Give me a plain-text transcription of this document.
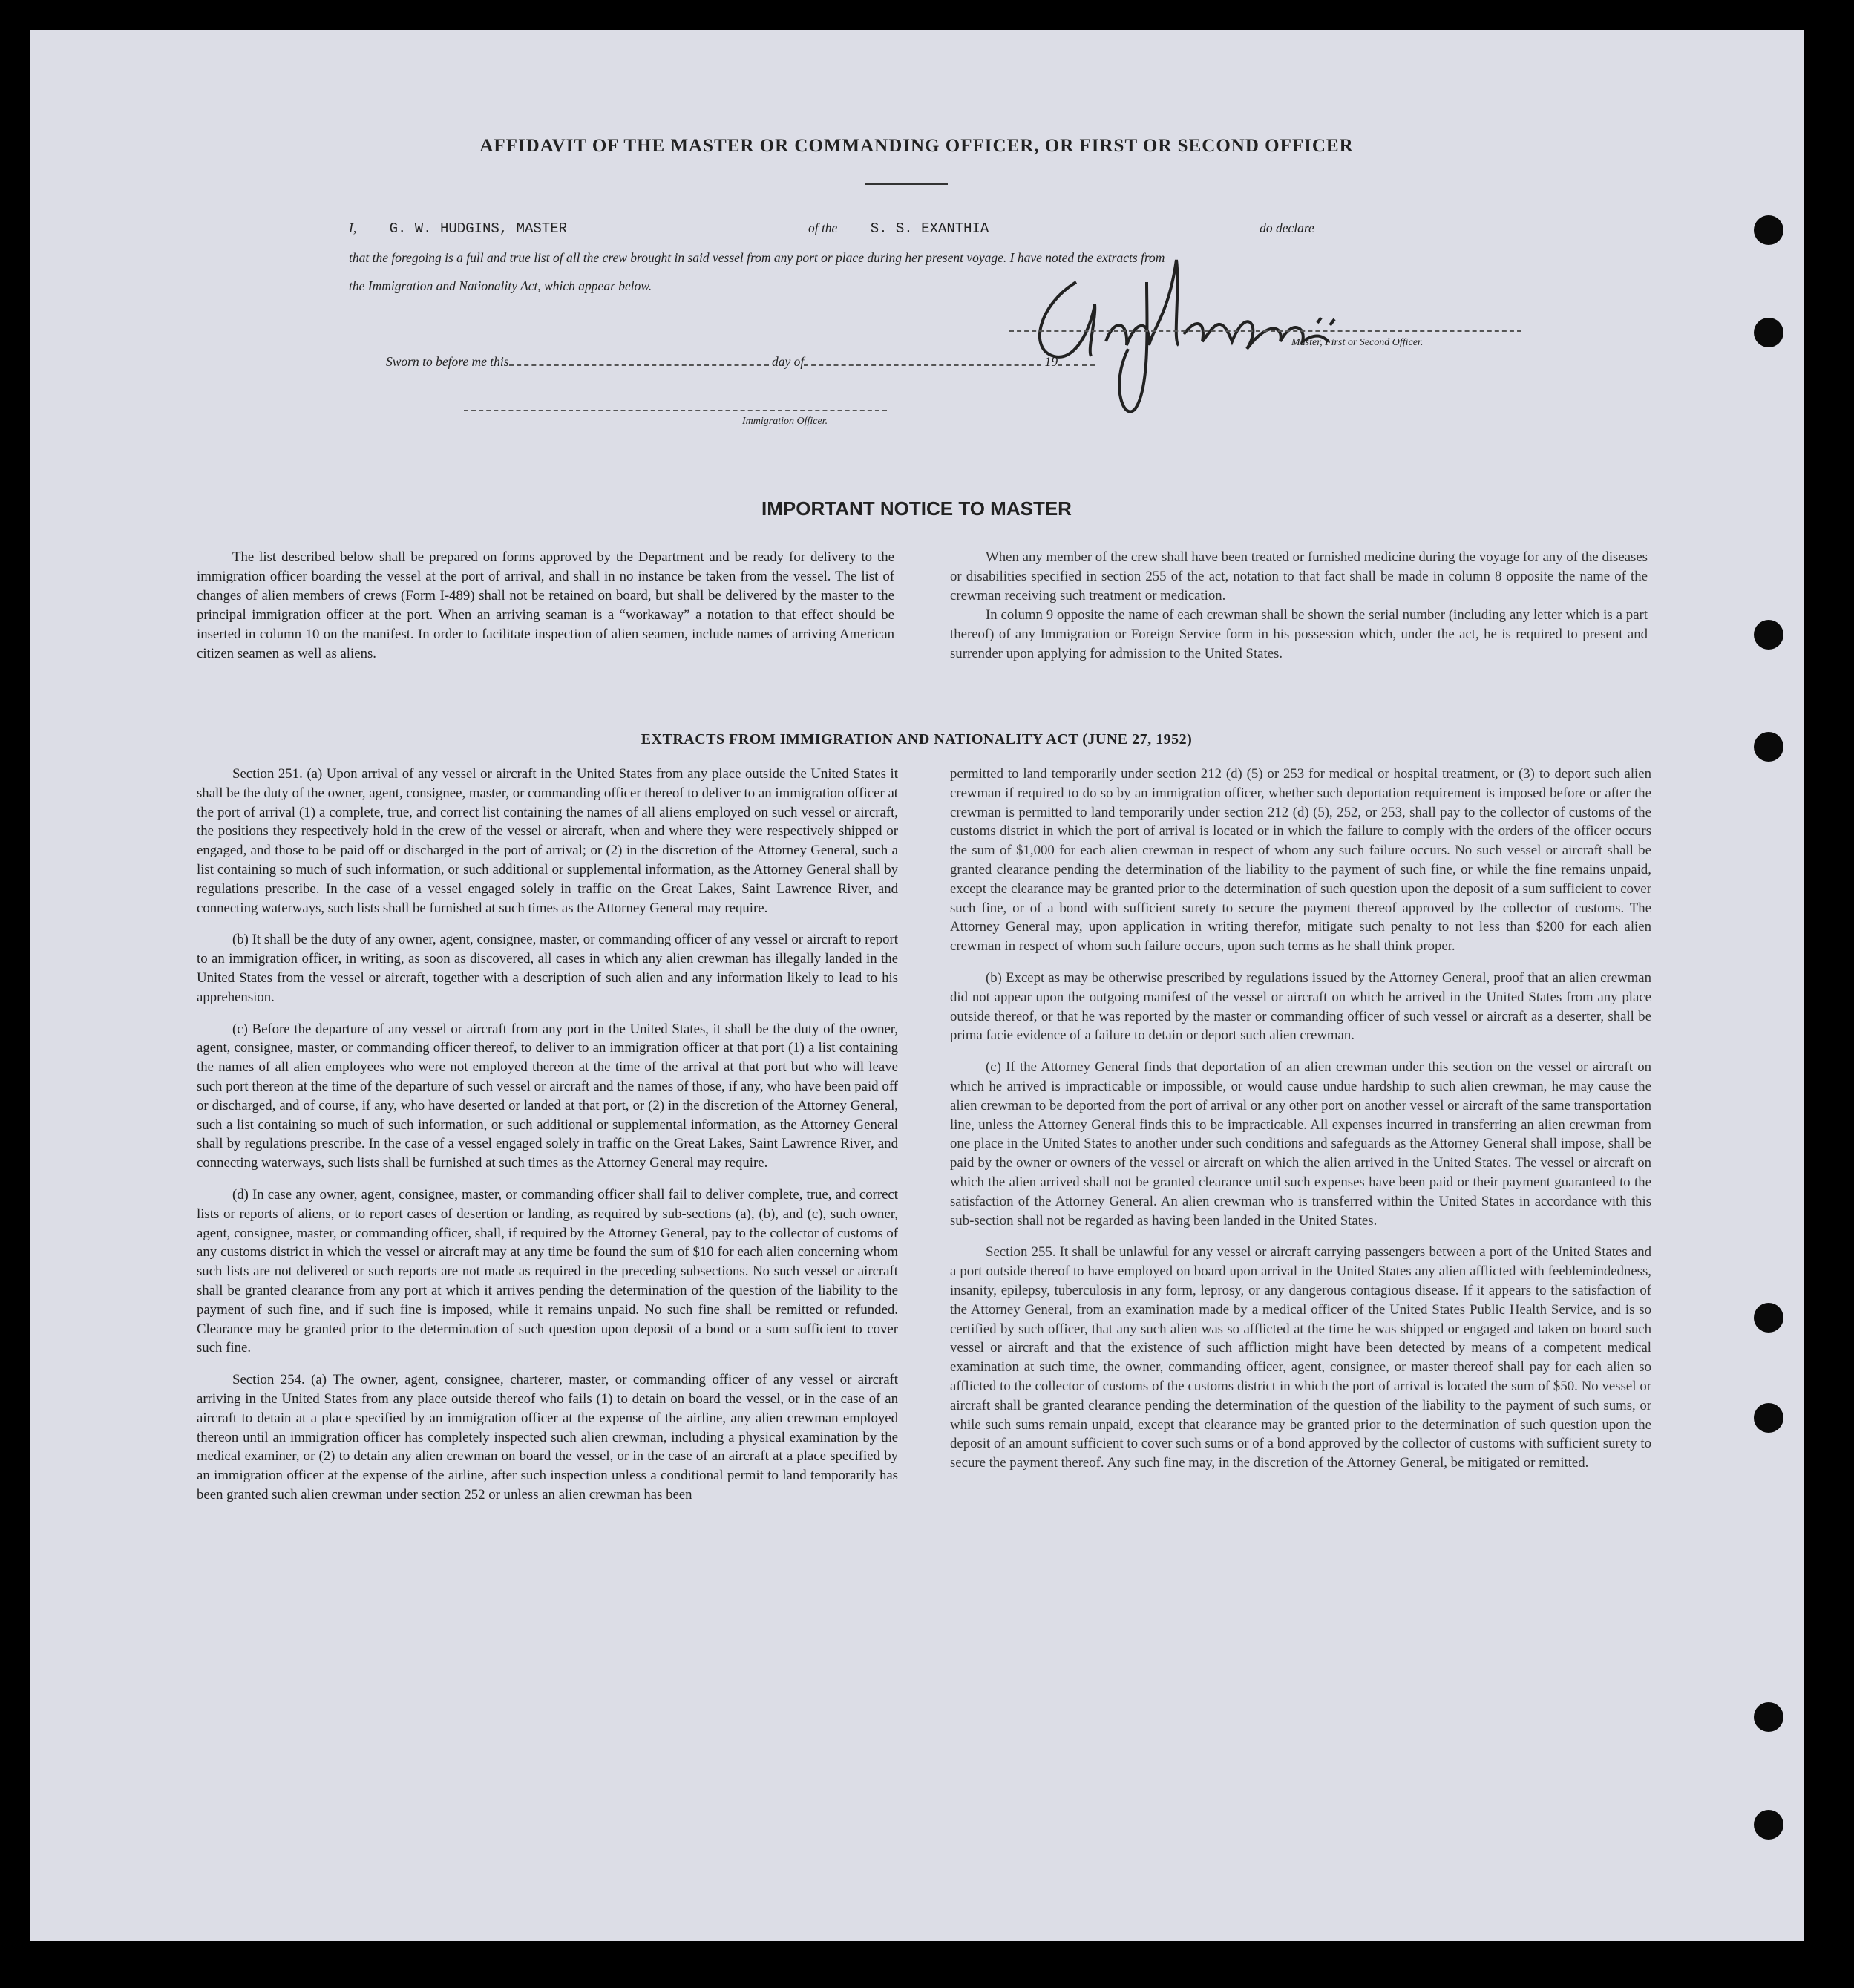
AFFIDAVIT OF THE MASTER OR COMMANDING OFFICER, OR FIRST OR SECOND OFFICER
I, G. W. HUDGINS, MASTER	of the S. S. EXANTHIA	do declare
that the foregoing is a full and true list of all the crew brought in said vessel from any port or place during her present voyage. I have noted the extracts from
the Immigration and Nationality Act, which appear below.
Master, First or Second Officer.
Sworn to before me this	day of	19
Immigration Officer.
IMPORTANT NOTICE TO MASTER

The list described below shall be prepared on forms approved by the Department and be ready for delivery to the immigration officer boarding the vessel at the port of arrival, and shall in no instance be taken from the vessel. The list of changes of alien members of crews (Form I-489) shall not be retained on board, but shall be delivered by the master to the principal immigration officer at the port. When an arriving seaman is a “workaway” a notation to that effect should be inserted in column 10 on the manifest. In order to facilitate inspection of alien seamen, include names of arriving American citizen seamen as well as aliens.

When any member of the crew shall have been treated or furnished medicine during the voyage for any of the diseases or disabilities specified in section 255 of the act, notation to that fact shall be made in column 8 opposite the name of the crewman receiving such treatment or medication.

In column 9 opposite the name of each crewman shall be shown the serial number (including any letter which is a part thereof) of any Immigration or Foreign Service form in his possession which, under the act, he is required to present and surrender upon applying for admission to the United States.

EXTRACTS FROM IMMIGRATION AND NATIONALITY ACT (JUNE 27, 1952)

Section 251. (a) Upon arrival of any vessel or aircraft in the United States from any place outside the United States it shall be the duty of the owner, agent, consignee, master, or commanding officer thereof to deliver to an immigration officer at the port of arrival (1) a complete, true, and correct list containing the names of all aliens employed on such vessel or aircraft, the positions they respectively hold in the crew of the vessel or aircraft, when and where they were respectively shipped or engaged, and those to be paid off or discharged in the port of arrival; or (2) in the discretion of the Attorney General, such a list containing so much of such information, or such additional or supplemental information, as the Attorney General shall by regulations prescribe. In the case of a vessel engaged solely in traffic on the Great Lakes, Saint Lawrence River, and connecting waterways, such lists shall be furnished at such times as the Attorney General may require.

(b) It shall be the duty of any owner, agent, consignee, master, or commanding officer of any vessel or aircraft to report to an immigration officer, in writing, as soon as discovered, all cases in which any alien crewman has illegally landed in the United States from the vessel or aircraft, together with a description of such alien and any information likely to lead to his apprehension.

(c) Before the departure of any vessel or aircraft from any port in the United States, it shall be the duty of the owner, agent, consignee, master, or commanding officer thereof, to deliver to an immigration officer at that port (1) a list containing the names of all alien employees who were not employed thereon at the time of the arrival at that port but who will leave such port thereon at the time of the departure of such vessel or aircraft and the names of those, if any, who have been paid off or discharged, and of course, if any, who have deserted or landed at that port, or (2) in the discretion of the Attorney General, such a list containing so much of such information, or such additional or supplemental information, as the Attorney General shall by regulations prescribe. In the case of a vessel engaged solely in traffic on the Great Lakes, Saint Lawrence River, and connecting waterways, such lists shall be furnished at such times as the Attorney General may require.

(d) In case any owner, agent, consignee, master, or commanding officer shall fail to deliver complete, true, and correct lists or reports of aliens, or to report cases of desertion or landing, as required by sub-sections (a), (b), and (c), such owner, agent, consignee, master, or commanding officer, shall, if required by the Attorney General, pay to the collector of customs of any customs district in which the vessel or aircraft may at any time be found the sum of $10 for each alien concerning whom such lists are not delivered or such reports are not made as required in the preceding subsections. No such vessel or aircraft shall be granted clearance from any port at which it arrives pending the determination of the question of the liability to the payment of such fine, and if such fine is imposed, while it remains unpaid. No such fine shall be remitted or refunded. Clearance may be granted prior to the determination of such question upon deposit of a bond or a sum sufficient to cover such fine.

Section 254. (a) The owner, agent, consignee, charterer, master, or commanding officer of any vessel or aircraft arriving in the United States from any place outside thereof who fails (1) to detain on board the vessel, or in the case of an aircraft to detain at a place specified by an immigration officer at the expense of the airline, any alien crewman employed thereon until an immigration officer has completely inspected such alien crewman, including a physical examination by the medical examiner, or (2) to detain any alien crewman on board the vessel, or in the case of an aircraft at a place specified by an immigration officer at the expense of the airline, after such inspection unless a conditional permit to land temporarily has been granted such alien crewman under section 252 or unless an alien crewman has been

permitted to land temporarily under section 212 (d) (5) or 253 for medical or hospital treatment, or (3) to deport such alien crewman if required to do so by an immigration officer, whether such deportation requirement is imposed before or after the crewman is permitted to land temporarily under section 212 (d) (5), 252, or 253, shall pay to the collector of customs of the customs district in which the port of arrival is located or in which the failure to comply with the orders of the officer occurs the sum of $1,000 for each alien crewman in respect of whom any such failure occurs. No such vessel or aircraft shall be granted clearance pending the determination of the liability to the payment of such fine, or while the fine remains unpaid, except the clearance may be granted prior to the determination of such question upon the deposit of a sum sufficient to cover such fine, or of a bond with sufficient surety to secure the payment thereof approved by the collector of customs. The Attorney General may, upon application in writing therefor, mitigate such penalty to not less than $200 for each alien crewman in respect of whom such failure occurs, upon such terms as he shall think proper.

(b) Except as may be otherwise prescribed by regulations issued by the Attorney General, proof that an alien crewman did not appear upon the outgoing manifest of the vessel or aircraft on which he arrived in the United States from any place outside thereof, or that he was reported by the master or commanding officer of such vessel or aircraft as a deserter, shall be prima facie evidence of a failure to detain or deport such alien crewman.

(c) If the Attorney General finds that deportation of an alien crewman under this section on the vessel or aircraft on which he arrived is impracticable or impossible, or would cause undue hardship to such alien crewman, he may cause the alien crewman to be deported from the port of arrival or any other port on another vessel or aircraft of the same transportation line, unless the Attorney General finds this to be impracticable. All expenses incurred in transferring an alien crewman from one place in the United States to another under such conditions and safeguards as the Attorney General shall impose, shall be paid by the owner or owners of the vessel or aircraft on which the alien arrived in the United States. The vessel or aircraft on which the alien arrived shall not be granted clearance until such expenses have been paid or their payment guaranteed to the satisfaction of the Attorney General. An alien crewman who is transferred within the United States in accordance with this sub-section shall not be regarded as having been landed in the United States.

Section 255. It shall be unlawful for any vessel or aircraft carrying passengers between a port of the United States and a port outside thereof to have employed on board upon arrival in the United States any alien afflicted with feeblemindedness, insanity, epilepsy, tuberculosis in any form, leprosy, or any dangerous contagious disease. If it appears to the satisfaction of the Attorney General, from an examination made by a medical officer of the United States Public Health Service, and is so certified by such officer, that any such alien was so afflicted at the time he was shipped or engaged and taken on board such vessel or aircraft and that the existence of such affliction might have been detected by means of a competent medical examination at such time, the owner, commanding officer, agent, consignee, or master thereof shall pay for each alien so afflicted to the collector of customs of the customs district in which the port of arrival is located the sum of $50. No vessel or aircraft shall be granted clearance pending the determination of the question of the liability to the payment of such sums, or while such sums remain unpaid, except that clearance may be granted prior to the determination of such question upon the deposit of an amount sufficient to cover such sums or of a bond approved by the collector of customs with sufficient surety to secure the payment thereof. Any such fine may, in the discretion of the Attorney General, be mitigated or remitted.
